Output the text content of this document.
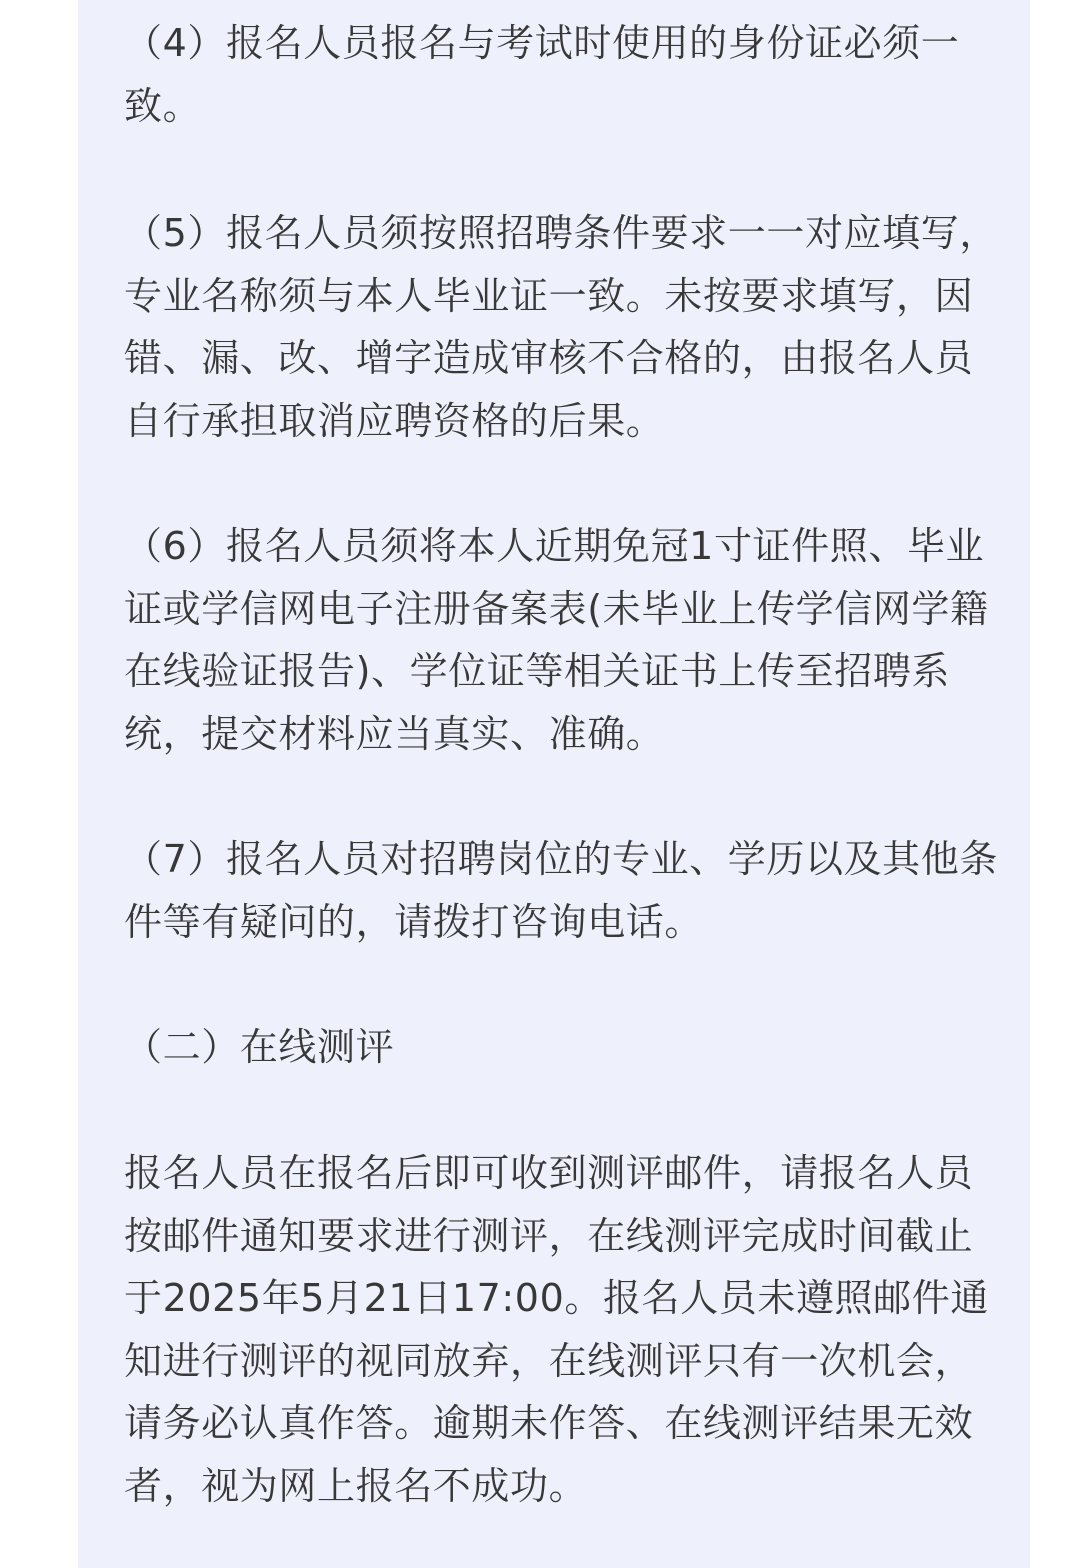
（4）报名人员报名与考试时使用的身份证必须一致。

（5）报名人员须按照招聘条件要求一一对应填写，专业名称须与本人毕业证一致。未按要求填写，因错、漏、改、增字造成审核不合格的，由报名人员自行承担取消应聘资格的后果。

（6）报名人员须将本人近期免冠1寸证件照、毕业证或学信网电子注册备案表(未毕业上传学信网学籍在线验证报告)、学位证等相关证书上传至招聘系统，提交材料应当真实、准确。

（7）报名人员对招聘岗位的专业、学历以及其他条件等有疑问的，请拨打咨询电话。

（二）在线测评

报名人员在报名后即可收到测评邮件，请报名人员按邮件通知要求进行测评，在线测评完成时间截止于2025年5月21日17:00。报名人员未遵照邮件通知进行测评的视同放弃，在线测评只有一次机会，请务必认真作答。逾期未作答、在线测评结果无效者，视为网上报名不成功。
